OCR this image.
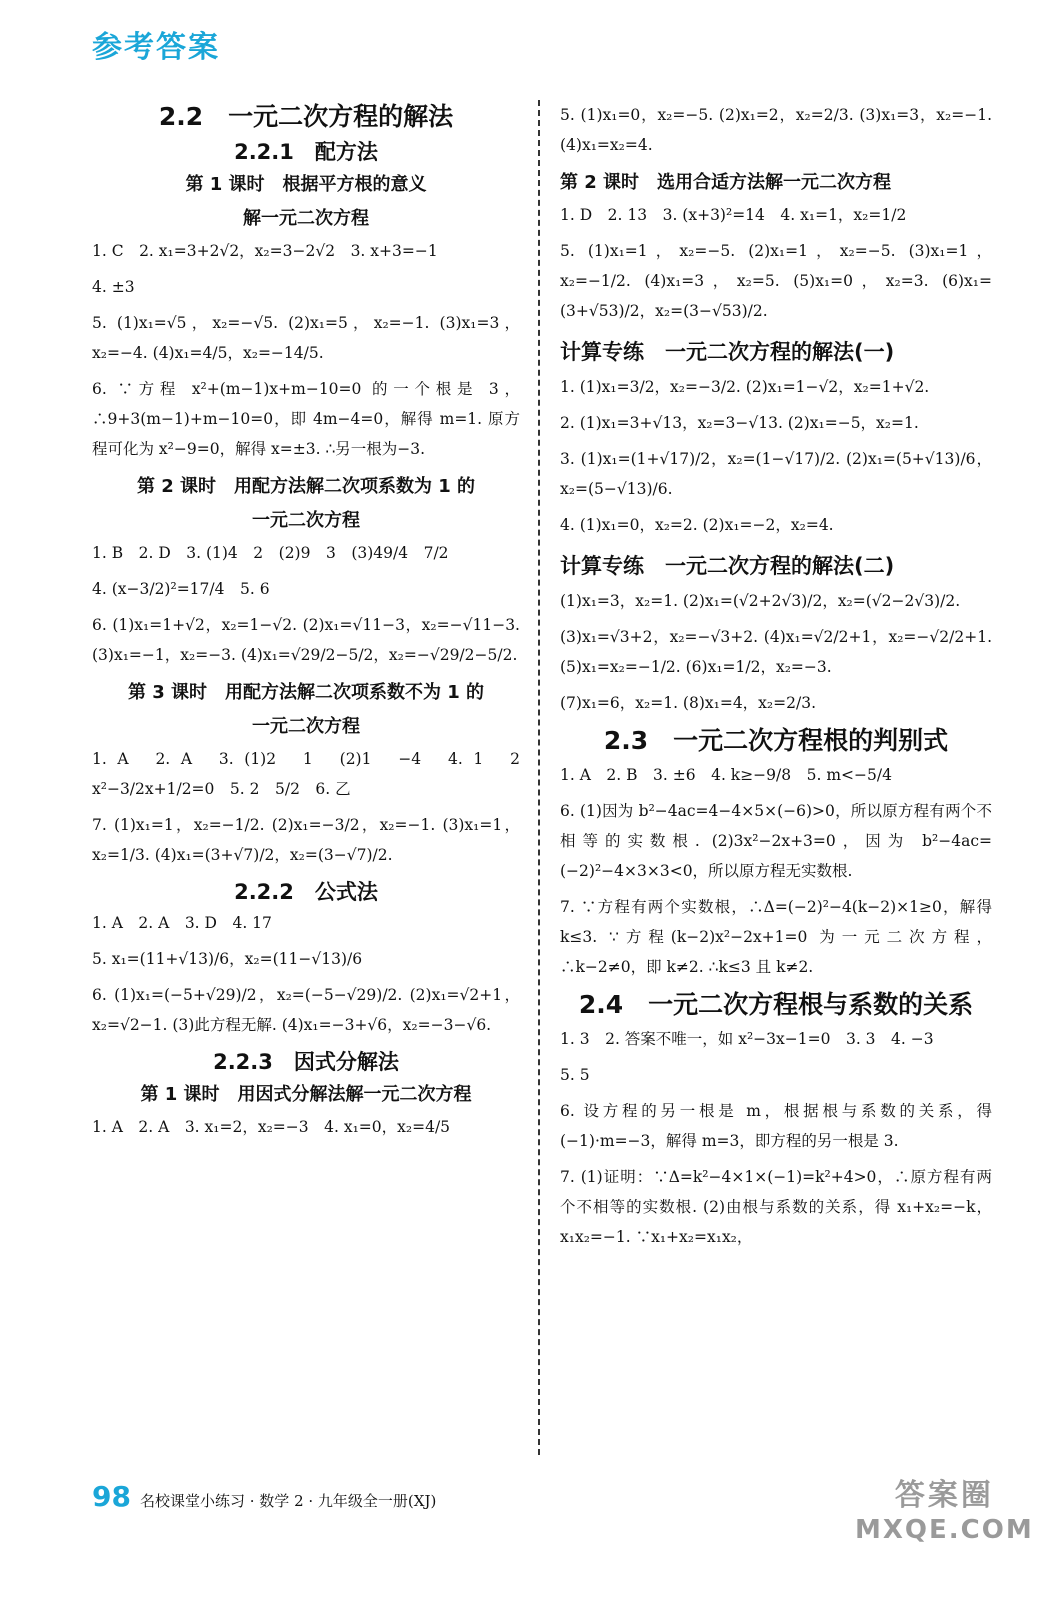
参考答案
2.2　一元二次方程的解法
2.2.1　配方法
第 1 课时　根据平方根的意义
解一元二次方程

1. C　2. x₁=3+2√2，x₂=3−2√2　3. x+3=−1

4. ±3

5. (1)x₁=√5，x₂=−√5. (2)x₁=5，x₂=−1. (3)x₁=3，x₂=−4. (4)x₁=4/5，x₂=−14/5.

6. ∵方程 x²+(m−1)x+m−10=0 的一个根是 3，∴9+3(m−1)+m−10=0，即 4m−4=0，解得 m=1. 原方程可化为 x²−9=0，解得 x=±3. ∴另一根为−3.

第 2 课时　用配方法解二次项系数为 1 的
一元二次方程

1. B　2. D　3. (1)4　2　(2)9　3　(3)49/4　7/2

4. (x−3/2)²=17/4　5. 6

6. (1)x₁=1+√2，x₂=1−√2. (2)x₁=√11−3，x₂=−√11−3. (3)x₁=−1，x₂=−3. (4)x₁=√29/2−5/2，x₂=−√29/2−5/2.

第 3 课时　用配方法解二次项系数不为 1 的
一元二次方程

1. A　2. A　3. (1)2　1　(2)1　−4　4. 1　2　x²−3/2x+1/2=0　5. 2　5/2　6. 乙

7. (1)x₁=1，x₂=−1/2. (2)x₁=−3/2，x₂=−1. (3)x₁=1，x₂=1/3. (4)x₁=(3+√7)/2，x₂=(3−√7)/2.

2.2.2　公式法

1. A　2. A　3. D　4. 17

5. x₁=(11+√13)/6，x₂=(11−√13)/6

6. (1)x₁=(−5+√29)/2，x₂=(−5−√29)/2. (2)x₁=√2+1，x₂=√2−1. (3)此方程无解. (4)x₁=−3+√6，x₂=−3−√6.

2.2.3　因式分解法
第 1 课时　用因式分解法解一元二次方程

1. A　2. A　3. x₁=2，x₂=−3　4. x₁=0，x₂=4/5

5. (1)x₁=0，x₂=−5. (2)x₁=2，x₂=2/3. (3)x₁=3，x₂=−1. (4)x₁=x₂=4.

第 2 课时　选用合适方法解一元二次方程

1. D　2. 13　3. (x+3)²=14　4. x₁=1，x₂=1/2

5. (1)x₁=1，x₂=−5. (2)x₁=1，x₂=−5. (3)x₁=1，x₂=−1/2. (4)x₁=3，x₂=5. (5)x₁=0，x₂=3. (6)x₁=(3+√53)/2，x₂=(3−√53)/2.

计算专练　一元二次方程的解法(一)

1. (1)x₁=3/2，x₂=−3/2. (2)x₁=1−√2，x₂=1+√2.

2. (1)x₁=3+√13，x₂=3−√13. (2)x₁=−5，x₂=1.

3. (1)x₁=(1+√17)/2，x₂=(1−√17)/2. (2)x₁=(5+√13)/6，x₂=(5−√13)/6.

4. (1)x₁=0，x₂=2. (2)x₁=−2，x₂=4.

计算专练　一元二次方程的解法(二)

(1)x₁=3，x₂=1. (2)x₁=(√2+2√3)/2，x₂=(√2−2√3)/2.

(3)x₁=√3+2，x₂=−√3+2. (4)x₁=√2/2+1，x₂=−√2/2+1. (5)x₁=x₂=−1/2. (6)x₁=1/2，x₂=−3.

(7)x₁=6，x₂=1. (8)x₁=4，x₂=2/3.

2.3　一元二次方程根的判别式

1. A　2. B　3. ±6　4. k≥−9/8　5. m<−5/4

6. (1)因为 b²−4ac=4−4×5×(−6)>0，所以原方程有两个不相等的实数根. (2)3x²−2x+3=0，因为 b²−4ac=(−2)²−4×3×3<0，所以原方程无实数根.

7. ∵方程有两个实数根，∴Δ=(−2)²−4(k−2)×1≥0，解得 k≤3. ∵方程(k−2)x²−2x+1=0 为一元二次方程，∴k−2≠0，即 k≠2. ∴k≤3 且 k≠2.

2.4　一元二次方程根与系数的关系

1. 3　2. 答案不唯一，如 x²−3x−1=0　3. 3　4. −3

5. 5

6. 设方程的另一根是 m，根据根与系数的关系，得(−1)·m=−3，解得 m=3，即方程的另一根是 3.

7. (1)证明：∵Δ=k²−4×1×(−1)=k²+4>0，∴原方程有两个不相等的实数根. (2)由根与系数的关系，得 x₁+x₂=−k，x₁x₂=−1. ∵x₁+x₂=x₁x₂，

98 名校课堂小练习 · 数学 2 · 九年级全一册(XJ)	答案圈
MXQE.COM
